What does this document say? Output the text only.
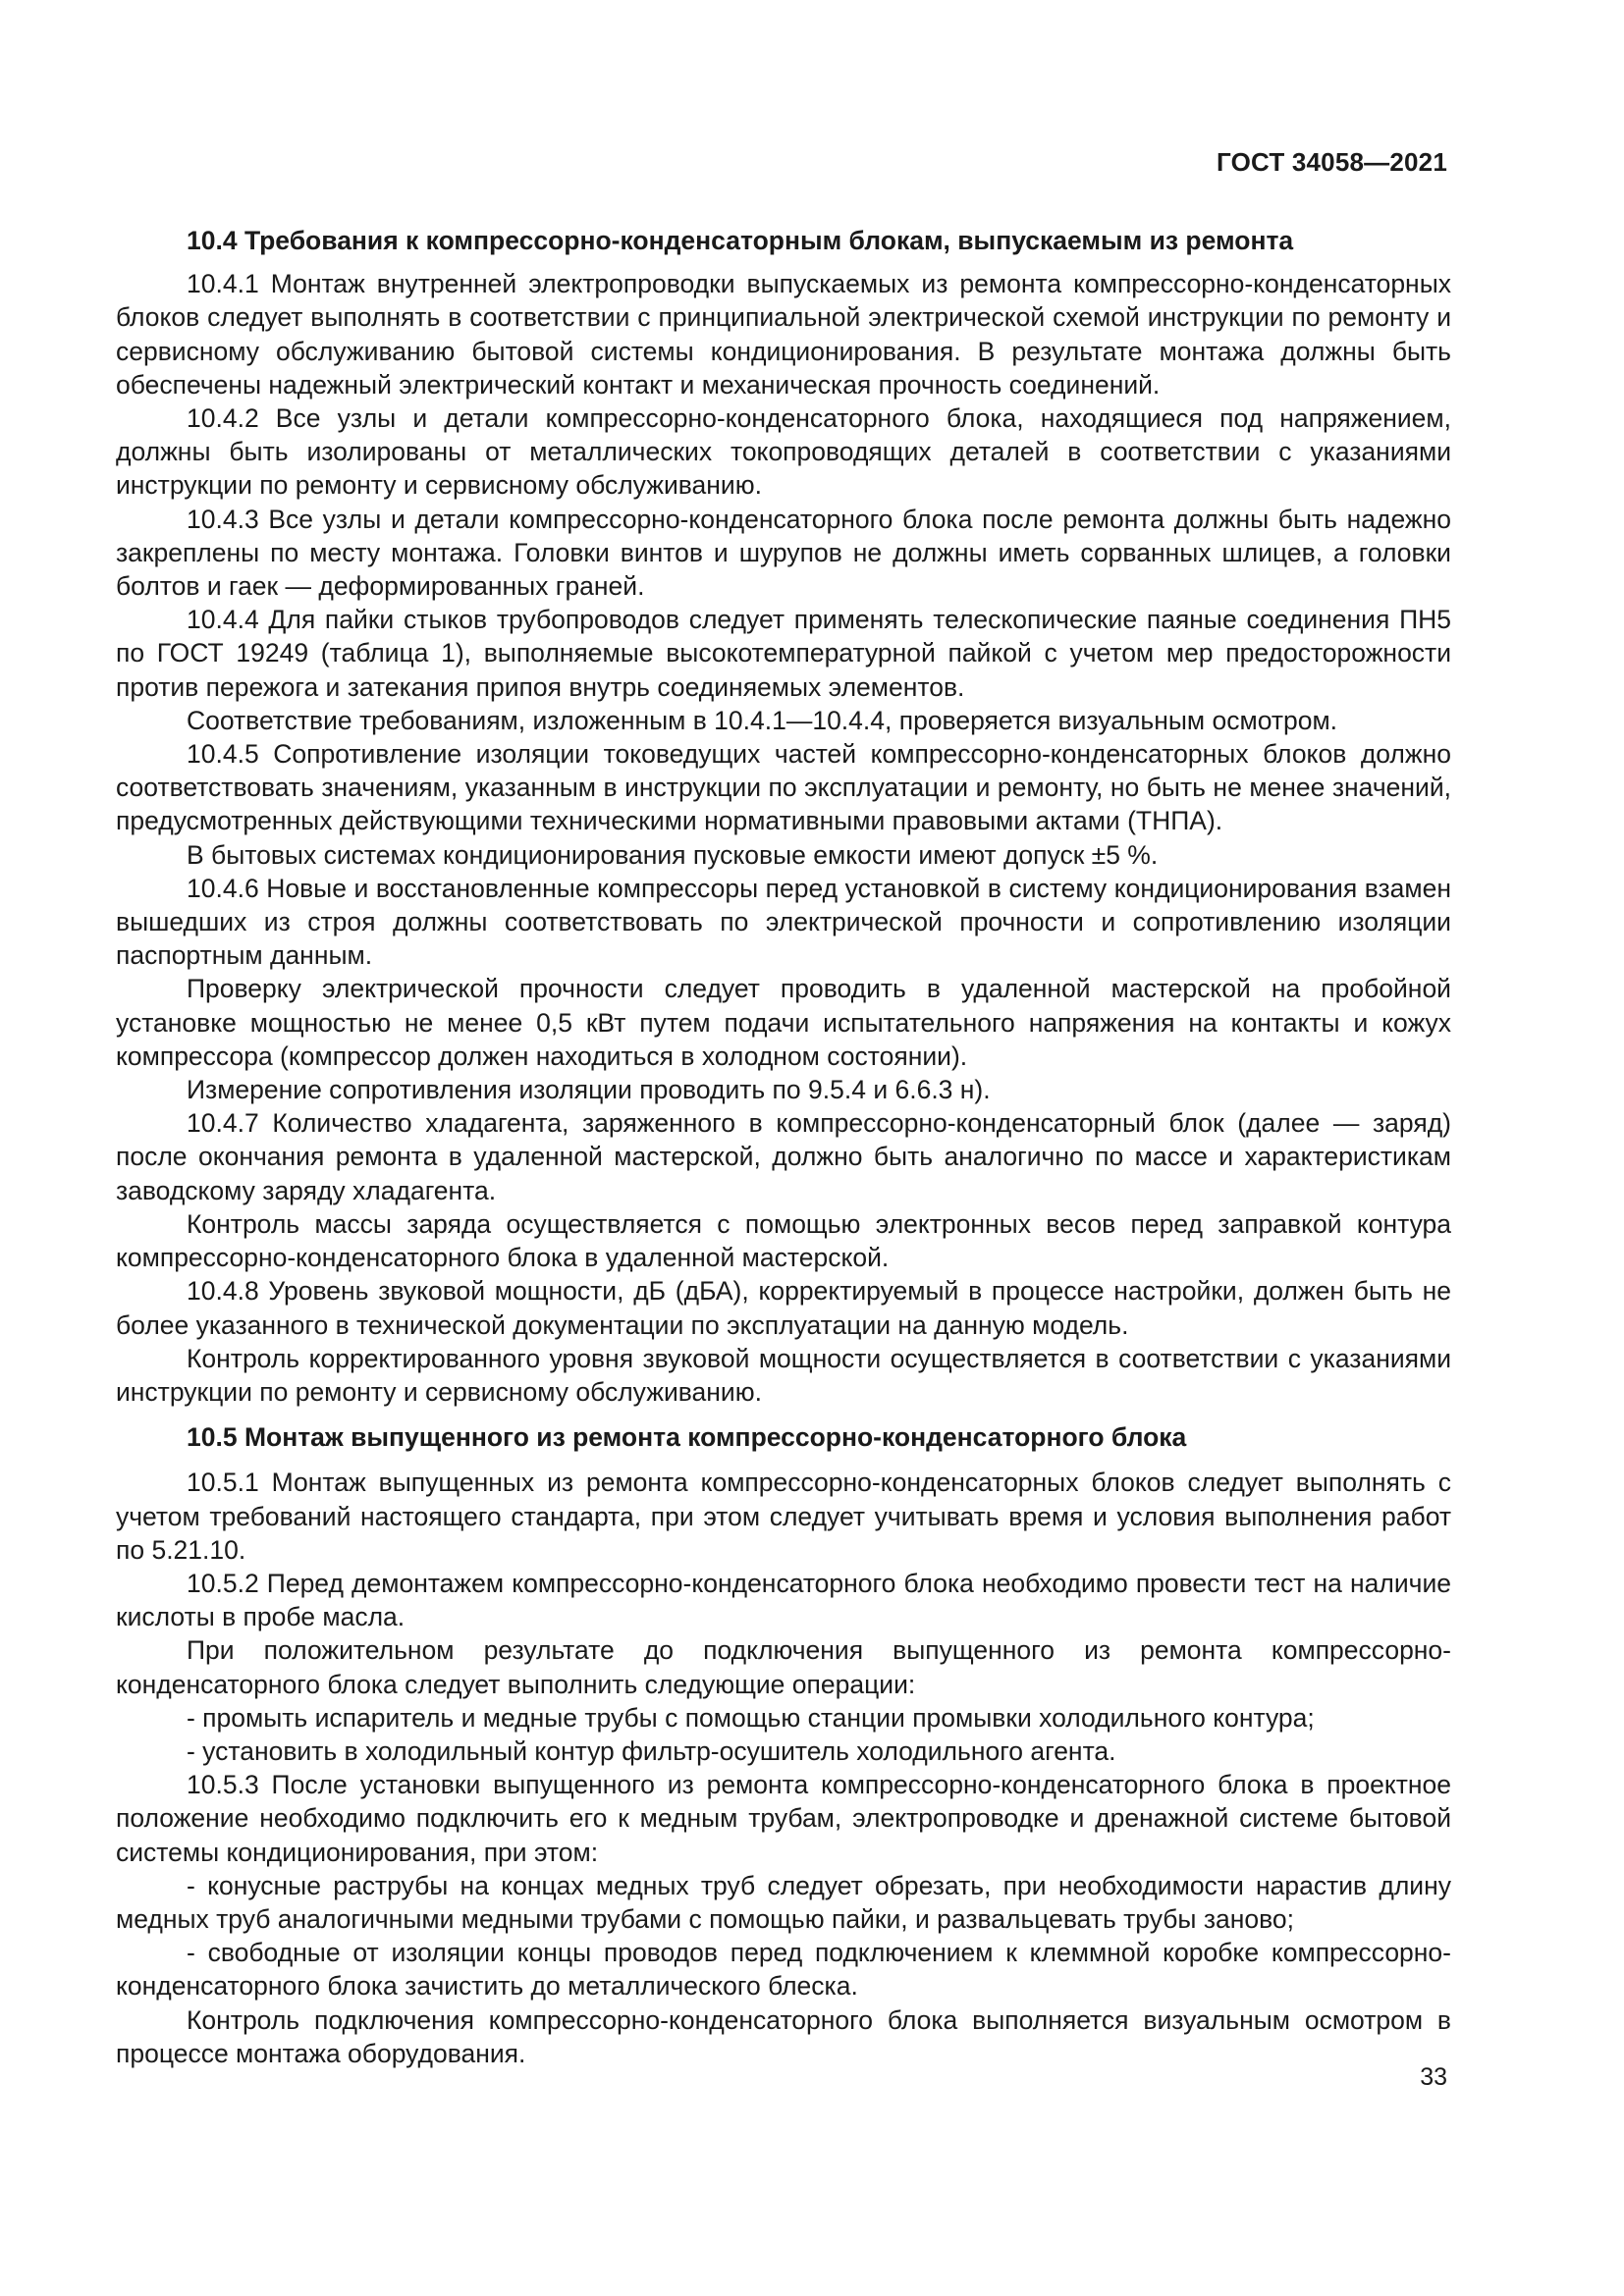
ГОСТ 34058—2021
10.4 Требования к компрессорно-конденсаторным блокам, выпускаемым из ремонта

10.4.1 Монтаж внутренней электропроводки выпускаемых из ремонта компрессорно-конденсаторных блоков следует выполнять в соответствии с принципиальной электрической схемой инструкции по ремонту и сервисному обслуживанию бытовой системы кондиционирования. В результате монтажа должны быть обеспечены надежный электрический контакт и механическая прочность соединений.

10.4.2 Все узлы и детали компрессорно-конденсаторного блока, находящиеся под напряжением, должны быть изолированы от металлических токопроводящих деталей в соответствии с указаниями инструкции по ремонту и сервисному обслуживанию.

10.4.3 Все узлы и детали компрессорно-конденсаторного блока после ремонта должны быть надежно закреплены по месту монтажа. Головки винтов и шурупов не должны иметь сорванных шлицев, а головки болтов и гаек — деформированных граней.

10.4.4 Для пайки стыков трубопроводов следует применять телескопические паяные соединения ПН5 по ГОСТ 19249 (таблица 1), выполняемые высокотемпературной пайкой с учетом мер предосторожности против пережога и затекания припоя внутрь соединяемых элементов.

Соответствие требованиям, изложенным в 10.4.1—10.4.4, проверяется визуальным осмотром.

10.4.5 Сопротивление изоляции токоведущих частей компрессорно-конденсаторных блоков должно соответствовать значениям, указанным в инструкции по эксплуатации и ремонту, но быть не менее значений, предусмотренных действующими техническими нормативными правовыми актами (ТНПА).

В бытовых системах кондиционирования пусковые емкости имеют допуск ±5 %.

10.4.6 Новые и восстановленные компрессоры перед установкой в систему кондиционирования взамен вышедших из строя должны соответствовать по электрической прочности и сопротивлению изоляции паспортным данным.

Проверку электрической прочности следует проводить в удаленной мастерской на пробойной установке мощностью не менее 0,5 кВт путем подачи испытательного напряжения на контакты и кожух компрессора (компрессор должен находиться в холодном состоянии).

Измерение сопротивления изоляции проводить по 9.5.4 и 6.6.3 н).

10.4.7 Количество хладагента, заряженного в компрессорно-конденсаторный блок (далее — заряд) после окончания ремонта в удаленной мастерской, должно быть аналогично по массе и характеристикам заводскому заряду хладагента.

Контроль массы заряда осуществляется с помощью электронных весов перед заправкой контура компрессорно-конденсаторного блока в удаленной мастерской.

10.4.8 Уровень звуковой мощности, дБ (дБА), корректируемый в процессе настройки, должен быть не более указанного в технической документации по эксплуатации на данную модель.

Контроль корректированного уровня звуковой мощности осуществляется в соответствии с указаниями инструкции по ремонту и сервисному обслуживанию.

10.5 Монтаж выпущенного из ремонта компрессорно-конденсаторного блока

10.5.1 Монтаж выпущенных из ремонта компрессорно-конденсаторных блоков следует выполнять с учетом требований настоящего стандарта, при этом следует учитывать время и условия выполнения работ по 5.21.10.

10.5.2 Перед демонтажем компрессорно-конденсаторного блока необходимо провести тест на наличие кислоты в пробе масла.

При положительном результате до подключения выпущенного из ремонта компрессорно-конденсаторного блока следует выполнить следующие операции:

- промыть испаритель и медные трубы с помощью станции промывки холодильного контура;

- установить в холодильный контур фильтр-осушитель холодильного агента.

10.5.3 После установки выпущенного из ремонта компрессорно-конденсаторного блока в проектное положение необходимо подключить его к медным трубам, электропроводке и дренажной системе бытовой системы кондиционирования, при этом:

- конусные раструбы на концах медных труб следует обрезать, при необходимости нарастив длину медных труб аналогичными медными трубами с помощью пайки, и развальцевать трубы заново;

- свободные от изоляции концы проводов перед подключением к клеммной коробке компрессорно-конденсаторного блока зачистить до металлического блеска.

Контроль подключения компрессорно-конденсаторного блока выполняется визуальным осмотром в процессе монтажа оборудования.

33
